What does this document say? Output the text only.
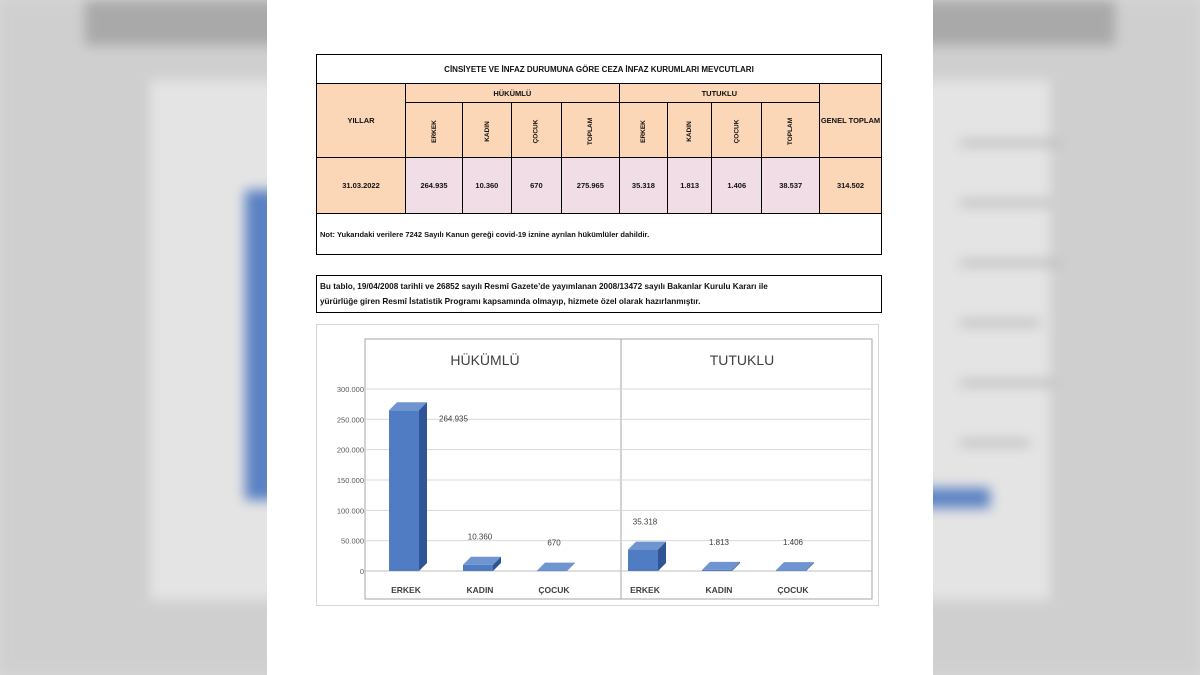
CİNSİYETE VE İNFAZ DURUMUNA GÖRE CEZA İNFAZ KURUMLARI MEVCUTLARI									
YILLAR	HÜKÜMLÜ				TUTUKLU				GENEL TOPLAM
	ERKEK	KADIN	ÇOCUK	TOPLAM	ERKEK	KADIN	ÇOCUK	TOPLAM	
31.03.2022	264.935	10.360	670	275.965	35.318	1.813	1.406	38.537	314.502
Not: Yukarıdaki verilere 7242 Sayılı Kanun gereği covid-19 iznine ayrılan hükümlüler dahildir.									
Bu tablo, 19/04/2008 tarihli ve 26852 sayılı Resmî Gazete’de yayımlanan 2008/13472 sayılı Bakanlar Kurulu Kararı ile
yürürlüğe giren Resmî İstatistik Programı kapsamında olmayıp, hizmete özel olarak hazırlanmıştır.
0
50.000
100.000
150.000
200.000
250.000
300.000
HÜKÜMLÜ
264.935
ERKEK
10.360
KADIN
670
ÇOCUK
TUTUKLU
35.318
ERKEK
1.813
KADIN
1.406
ÇOCUK
